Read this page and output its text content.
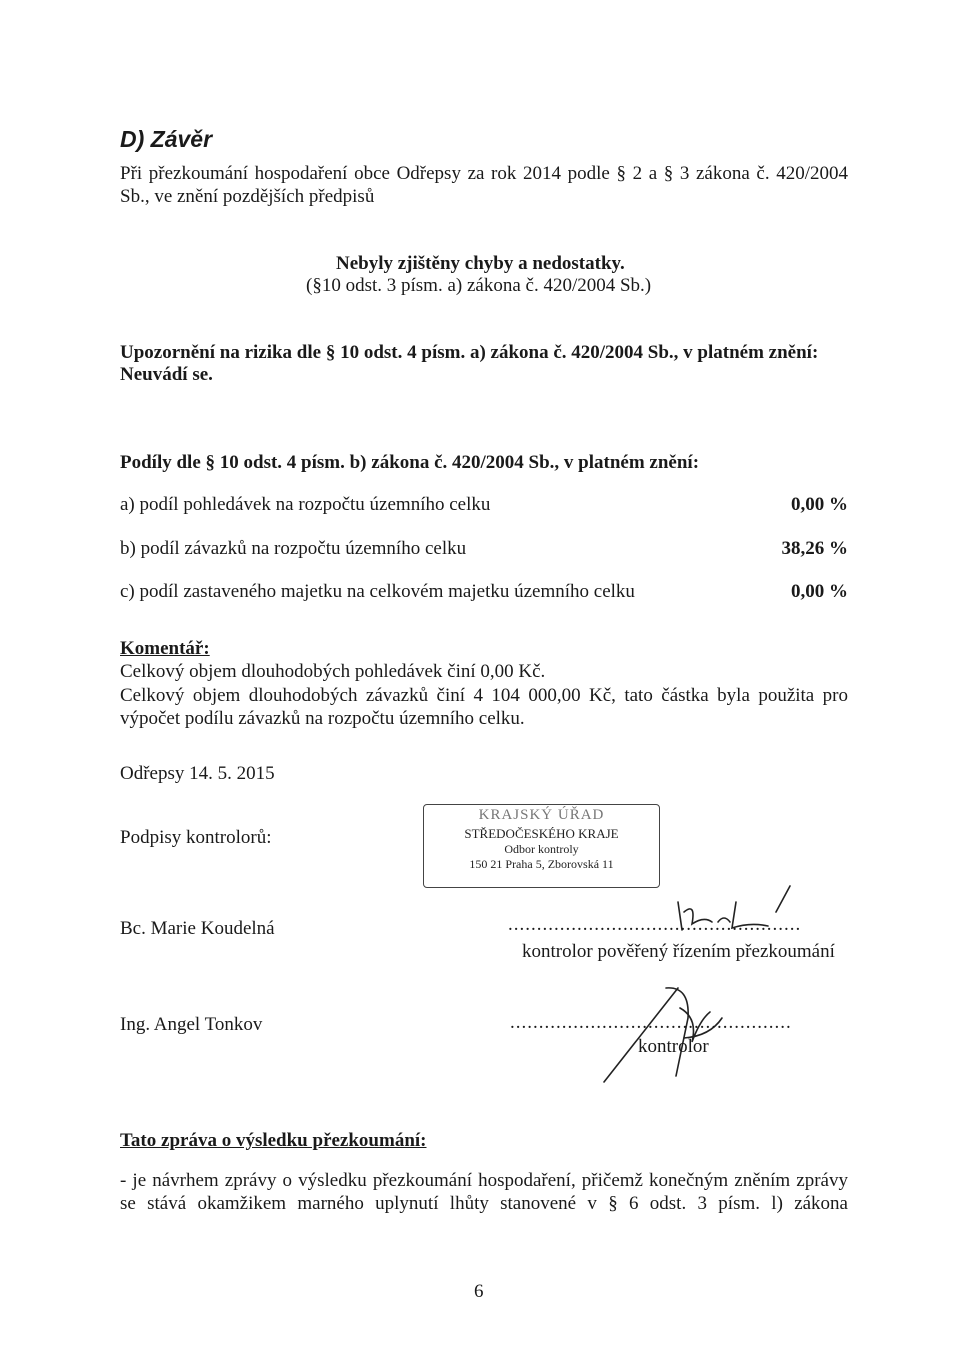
D) Závěr
Při přezkoumání hospodaření obce Odřepsy za rok 2014 podle § 2 a § 3 zákona č. 420/2004
Sb., ve znění pozdějších předpisů
Nebyly zjištěny chyby a nedostatky.
(§10 odst. 3 písm. a) zákona č. 420/2004 Sb.)
Upozornění na rizika dle § 10 odst. 4 písm. a) zákona č. 420/2004 Sb., v platném znění:
Neuvádí se.
Podíly dle § 10 odst. 4 písm. b) zákona č. 420/2004 Sb., v platném znění:
a) podíl pohledávek na rozpočtu územního celku	0,00 %
b) podíl závazků na rozpočtu územního celku	38,26 %
c) podíl zastaveného majetku na celkovém majetku územního celku	0,00 %
Komentář:
Celkový objem dlouhodobých pohledávek činí 0,00 Kč.
Celkový objem dlouhodobých závazků činí 4 104 000,00 Kč, tato částka byla použita pro
výpočet podílu závazků na rozpočtu územního celku.
Odřepsy 14. 5. 2015
Podpisy kontrolorů:
KRAJSKÝ ÚŘAD
STŘEDOČESKÉHO KRAJE
Odbor kontroly
150 21 Praha 5, Zborovská 11
Bc. Marie Koudelná	...................................................
kontrolor pověřený řízením přezkoumání
Ing. Angel Tonkov	.................................................
kontrolor
Tato zpráva o výsledku přezkoumání:
- je návrhem zprávy o výsledku přezkoumání hospodaření, přičemž konečným zněním zprávy
se stává okamžikem marného uplynutí lhůty stanovené v § 6 odst. 3 písm. l) zákona
6
